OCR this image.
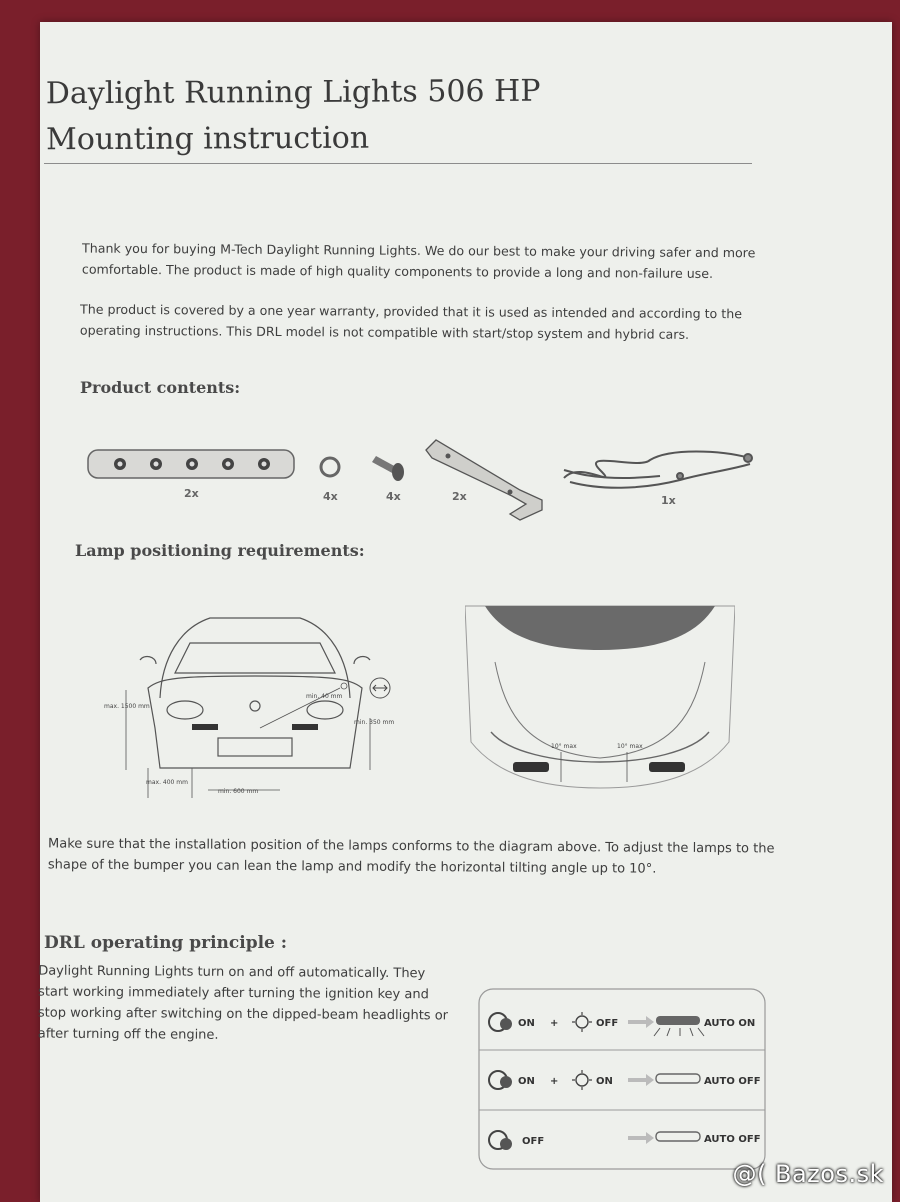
Daylight Running Lights 506 HP
Mounting instruction

Thank you for buying M-Tech Daylight Running Lights. We do our best to make your driving safer and more comfortable. The product is made of high quality components to provide a long and non-failure use.

The product is covered by a one year warranty, provided that it is used as intended and according to the operating instructions. This DRL model is not compatible with start/stop system and hybrid cars.

Product contents:
2x	4x	4x	2x	1x
Lamp positioning requirements:
max. 1500 mm
min. 40 mm
min. 350 mm
max. 400 mm
min. 600 mm
10° max	10° max

Make sure that the installation position of the lamps conforms to the diagram above. To adjust the lamps to the shape of the bumper you can lean the lamp and modify the horizontal tilting angle up to 10°.

DRL operating principle :

Daylight Running Lights turn on and off automatically. They start working immediately after turning the ignition key and stop working after switching on the dipped-beam headlights or after turning off the engine.

ON +	OFF	AUTO ON
ON +	ON	AUTO OFF
OFF	AUTO OFF
@( Bazos.sk
